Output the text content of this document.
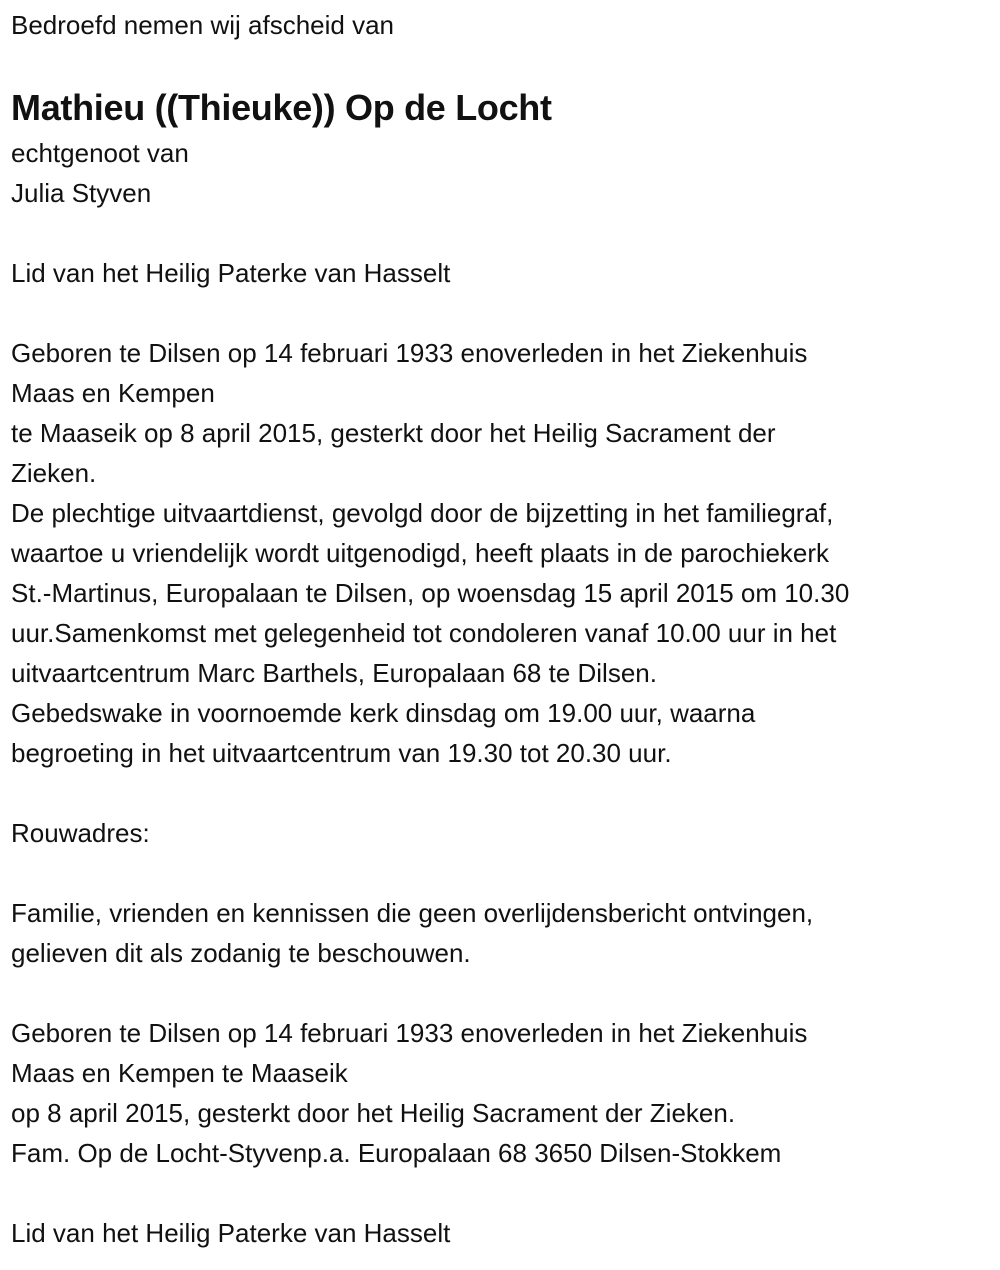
Bedroefd nemen wij afscheid van
Mathieu ((Thieuke)) Op de Locht
echtgenoot van
Julia Styven
Lid van het Heilig Paterke van Hasselt
Geboren te Dilsen op 14 februari 1933 enoverleden in het Ziekenhuis
Maas en Kempen
te Maaseik op 8 april 2015, gesterkt door het Heilig Sacrament der
Zieken.
De plechtige uitvaartdienst, gevolgd door de bijzetting in het familiegraf,
waartoe u vriendelijk wordt uitgenodigd, heeft plaats in de parochiekerk
St.-Martinus, Europalaan te Dilsen, op woensdag 15 april 2015 om 10.30
uur.Samenkomst met gelegenheid tot condoleren vanaf 10.00 uur in het
uitvaartcentrum Marc Barthels, Europalaan 68 te Dilsen.
Gebedswake in voornoemde kerk dinsdag om 19.00 uur, waarna
begroeting in het uitvaartcentrum van 19.30 tot 20.30 uur.
Rouwadres:
Familie, vrienden en kennissen die geen overlijdensbericht ontvingen,
gelieven dit als zodanig te beschouwen.
Geboren te Dilsen op 14 februari 1933 enoverleden in het Ziekenhuis
Maas en Kempen te Maaseik
op 8 april 2015, gesterkt door het Heilig Sacrament der Zieken.
Fam. Op de Locht-Styvenp.a. Europalaan 68 3650 Dilsen-Stokkem
Lid van het Heilig Paterke van Hasselt
